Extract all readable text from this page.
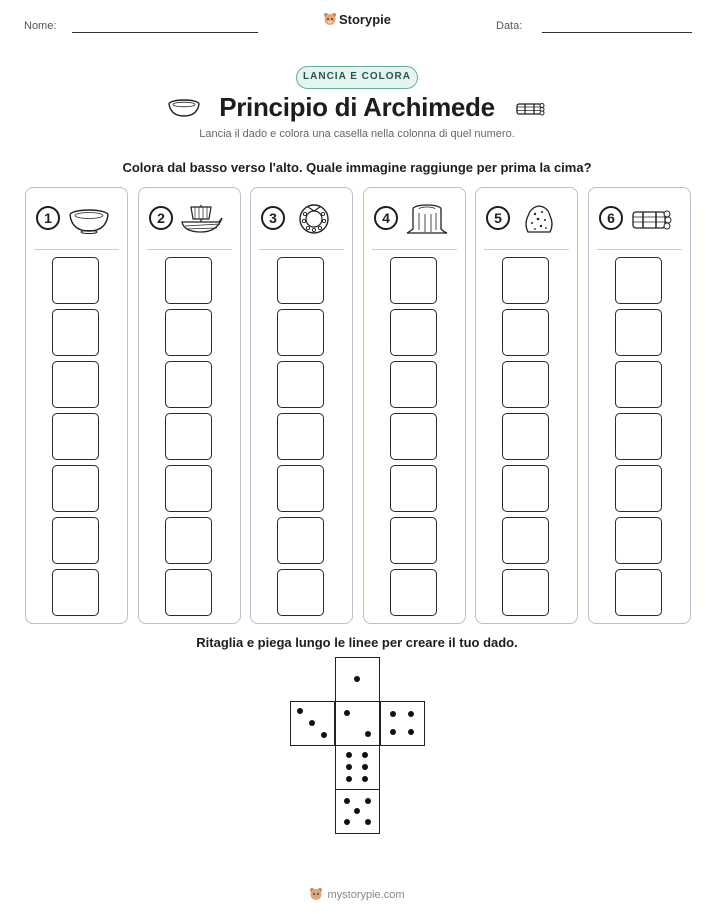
Nome:	Storypie	Data:
LANCIA E COLORA
Principio di Archimede
Lancia il dado e colora una casella nella colonna di quel numero.
Colora dal basso verso l'alto. Quale immagine raggiunge per prima la cima?
1	2	3	4	5	6
Ritaglia e piega lungo le linee per creare il tuo dado.
mystorypie.com
